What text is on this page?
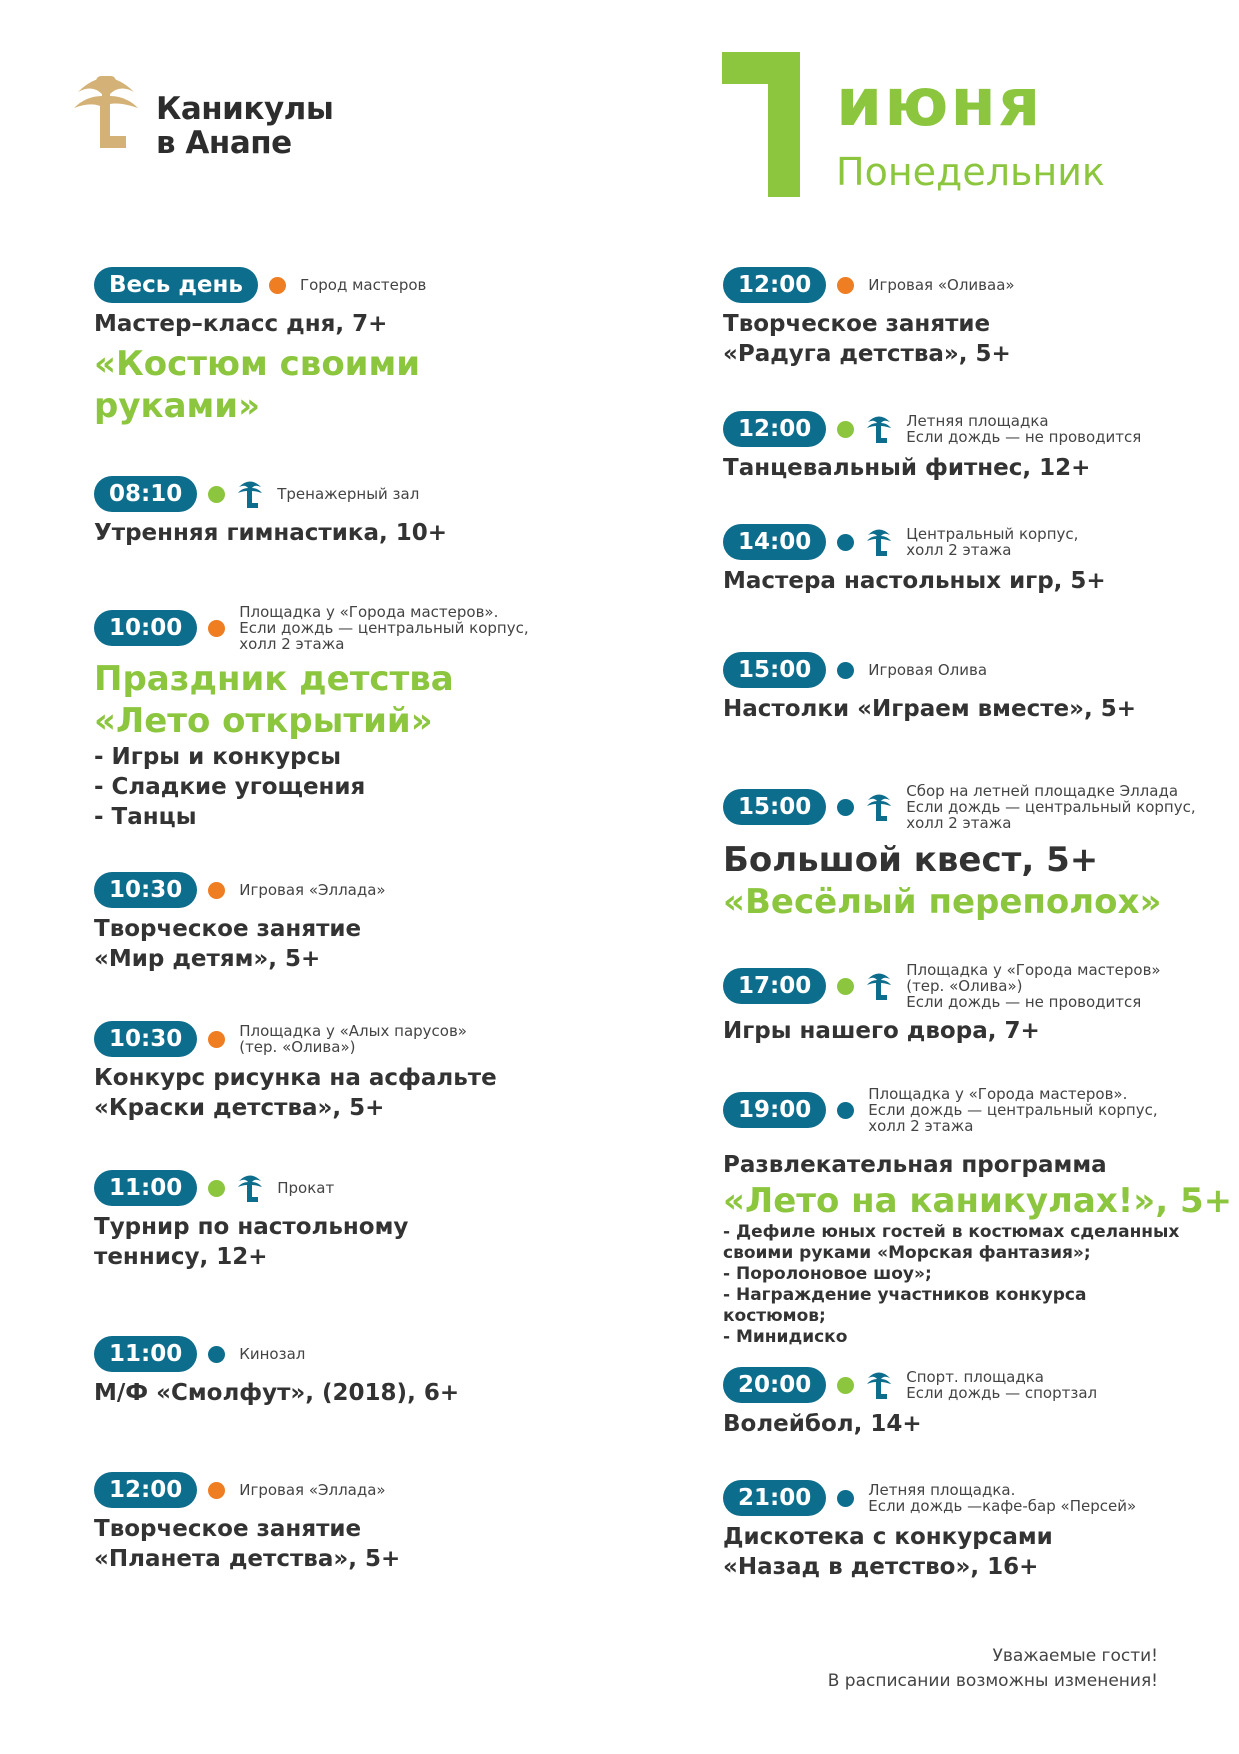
Каникулы
в Анапе
июня
Понедельник
Весь день	Город мастеров
Мастер–класс дня, 7+
«Костюм своими
руками»
08:10	Тренажерный зал
Утренняя гимнастика, 10+
10:00
Площадка у «Города мастеров».
Если дождь — центральный корпус,
холл 2 этажа
Праздник детства
«Лето открытий»
- Игры и конкурсы
- Сладкие угощения
- Танцы
10:30	Игровая «Эллада»
Творческое занятие
«Мир детям», 5+
10:30	Площадка у «Алых парусов»
(тер. «Олива»)
Конкурс рисунка на асфальте
«Краски детства», 5+
11:00	Прокат
Турнир по настольному
теннису, 12+
11:00	Кинозал
М/Ф «Смолфут», (2018), 6+
12:00	Игровая «Эллада»
Творческое занятие
«Планета детства», 5+
12:00	Игровая «Оливаа»
Творческое занятие
«Радуга детства», 5+
12:00	Летняя площадка
Если дождь — не проводится
Танцевальный фитнес, 12+
14:00	Центральный корпус,
холл 2 этажа
Мастера настольных игр, 5+
15:00	Игровая Олива
Настолки «Играем вместе», 5+
15:00
Сбор на летней площадке Эллада
Если дождь — центральный корпус,
холл 2 этажа
Большой квест, 5+
«Весёлый переполох»
17:00
Площадка у «Города мастеров»
(тер. «Олива»)
Если дождь — не проводится
Игры нашего двора, 7+
19:00
Площадка у «Города мастеров».
Если дождь — центральный корпус,
холл 2 этажа
Развлекательная программа
«Лето на каникулах!», 5+
- Дефиле юных гостей в костюмах сделанных своими руками «Морская фантазия»;
- Поролоновое шоу»;
- Награждение участников конкурса костюмов;
- Минидиско
20:00	Спорт. площадка
Если дождь — спортзал
Волейбол, 14+
21:00	Летняя площадка.
Если дождь —кафе-бар «Персей»
Дискотека с конкурсами
«Назад в детство», 16+
Уважаемые гости!
В расписании возможны изменения!
